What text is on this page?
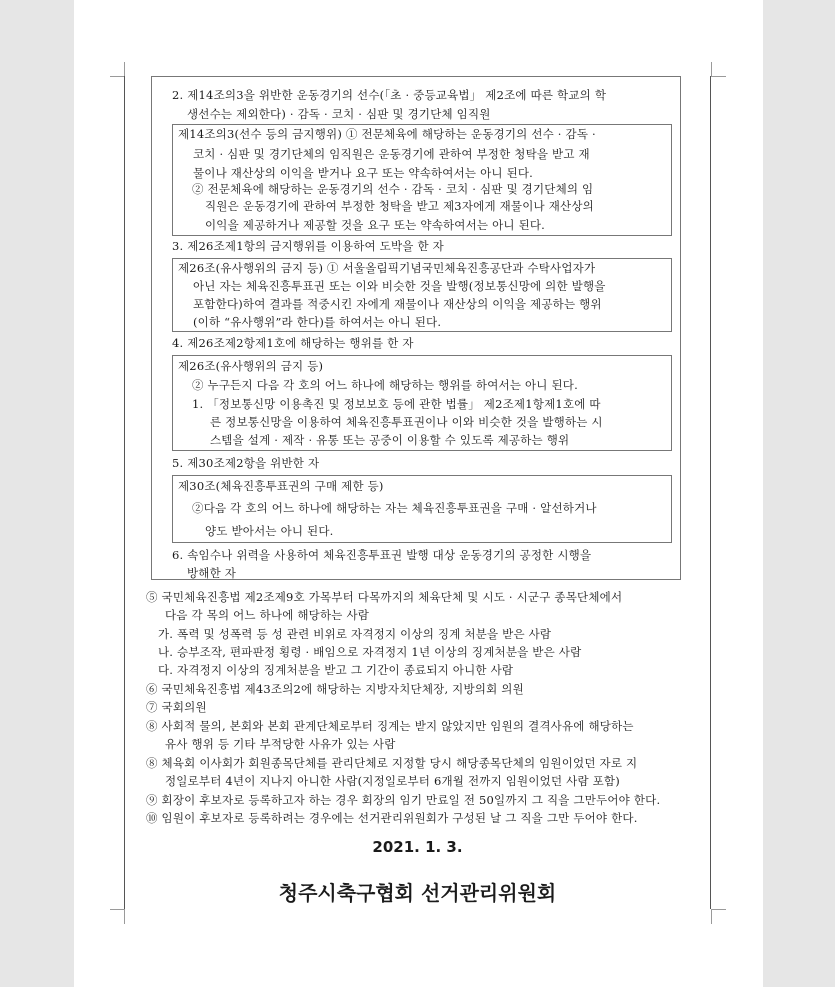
2. 제14조의3을 위반한 운동경기의 선수(「초 · 중등교육법」 제2조에 따른 학교의 학
생선수는 제외한다) · 감독 · 코치 · 심판 및 경기단체 임직원
제14조의3(선수 등의 금지행위) ① 전문체육에 해당하는 운동경기의 선수 · 감독 ·
코치 · 심판 및 경기단체의 임직원은 운동경기에 관하여 부정한 청탁을 받고 재
물이나 재산상의 이익을 받거나 요구 또는 약속하여서는 아니 된다.
② 전문체육에 해당하는 운동경기의 선수 · 감독 · 코치 · 심판 및 경기단체의 임
직원은 운동경기에 관하여 부정한 청탁을 받고 제3자에게 재물이나 재산상의
이익을 제공하거나 제공할 것을 요구 또는 약속하여서는 아니 된다.
3. 제26조제1항의 금지행위를 이용하여 도박을 한 자
제26조(유사행위의 금지 등) ① 서울올림픽기념국민체육진흥공단과 수탁사업자가
아닌 자는 체육진흥투표권 또는 이와 비슷한 것을 발행(정보통신망에 의한 발행을
포함한다)하여 결과를 적중시킨 자에게 재물이나 재산상의 이익을 제공하는 행위
(이하 “유사행위”라 한다)를 하여서는 아니 된다.
4. 제26조제2항제1호에 해당하는 행위를 한 자
제26조(유사행위의 금지 등)
② 누구든지 다음 각 호의 어느 하나에 해당하는 행위를 하여서는 아니 된다.
1. 「정보통신망 이용촉진 및 정보보호 등에 관한 법률」 제2조제1항제1호에 따
른 정보통신망을 이용하여 체육진흥투표권이나 이와 비슷한 것을 발행하는 시
스템을 설계 · 제작 · 유통 또는 공중이 이용할 수 있도록 제공하는 행위
5. 제30조제2항을 위반한 자
제30조(체육진흥투표권의 구매 제한 등)
②다음 각 호의 어느 하나에 해당하는 자는 체육진흥투표권을 구매 · 알선하거나
양도 받아서는 아니 된다.
6. 속임수나 위력을 사용하여 체육진흥투표권 발행 대상 운동경기의 공정한 시행을
방해한 자
⑤ 국민체육진흥법 제2조제9호 가목부터 다목까지의 체육단체 및 시도 · 시군구 종목단체에서
다음 각 목의 어느 하나에 해당하는 사람
가. 폭력 및 성폭력 등 성 관련 비위로 자격정지 이상의 징계 처분을 받은 사람
나. 승부조작, 편파판정 횡령 · 배임으로 자격정지 1년 이상의 징계처분을 받은 사람
다. 자격정지 이상의 징계처분을 받고 그 기간이 종료되지 아니한 사람
⑥ 국민체육진흥법 제43조의2에 해당하는 지방자치단체장, 지방의회 의원
⑦ 국회의원
⑧ 사회적 물의, 본회와 본회 관계단체로부터 징계는 받지 않았지만 임원의 결격사유에 해당하는
유사 행위 등 기타 부적당한 사유가 있는 사람
⑧ 체육회 이사회가 회원종목단체를 관리단체로 지정할 당시 해당종목단체의 임원이었던 자로 지
정일로부터 4년이 지나지 아니한 사람(지정일로부터 6개월 전까지 임원이었던 사람 포함)
⑨ 회장이 후보자로 등록하고자 하는 경우 회장의 임기 만료일 전 50일까지 그 직을 그만두어야 한다.
⑩ 임원이 후보자로 등록하려는 경우에는 선거관리위원회가 구성된 날 그 직을 그만 두어야 한다.
2021. 1. 3.
청주시축구협회 선거관리위원회
